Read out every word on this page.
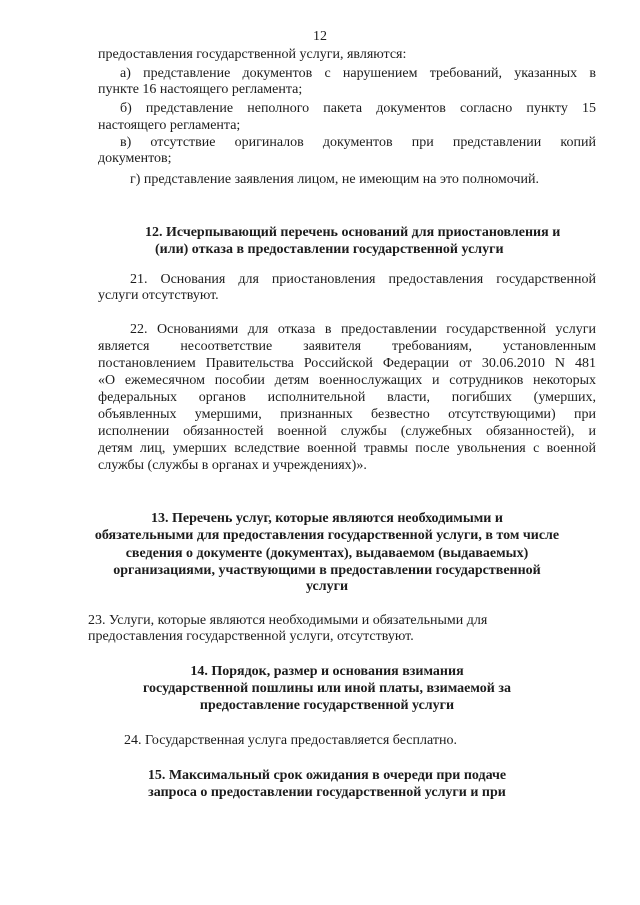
12
предоставления государственной услуги, являются:
а) представление документов с нарушением требований, указанных в
пункте 16 настоящего регламента;
б) представление неполного пакета документов согласно пункту 15
настоящего регламента;
в) отсутствие оригиналов документов при представлении копий
документов;
г) представление заявления лицом, не имеющим на это полномочий.
12. Исчерпывающий перечень оснований для приостановления и
(или) отказа в предоставлении государственной услуги
21. Основания для приостановления предоставления государственной
услуги отсутствуют.
22. Основаниями для отказа в предоставлении государственной услуги
является несоответствие заявителя требованиям, установленным
постановлением Правительства Российской Федерации от 30.06.2010 N 481
«О ежемесячном пособии детям военнослужащих и сотрудников некоторых
федеральных органов исполнительной власти, погибших (умерших,
объявленных умершими, признанных безвестно отсутствующими) при
исполнении обязанностей военной службы (служебных обязанностей), и
детям лиц, умерших вследствие военной травмы после увольнения с военной
службы (службы в органах и учреждениях)».
13. Перечень услуг, которые являются необходимыми и
обязательными для предоставления государственной услуги, в том числе
сведения о документе (документах), выдаваемом (выдаваемых)
организациями, участвующими в предоставлении государственной
услуги
23. Услуги, которые являются необходимыми и обязательными для
предоставления государственной услуги, отсутствуют.
14. Порядок, размер и основания взимания
государственной пошлины или иной платы, взимаемой за
предоставление государственной услуги
24. Государственная услуга предоставляется бесплатно.
15. Максимальный срок ожидания в очереди при подаче
запроса о предоставлении государственной услуги и при
